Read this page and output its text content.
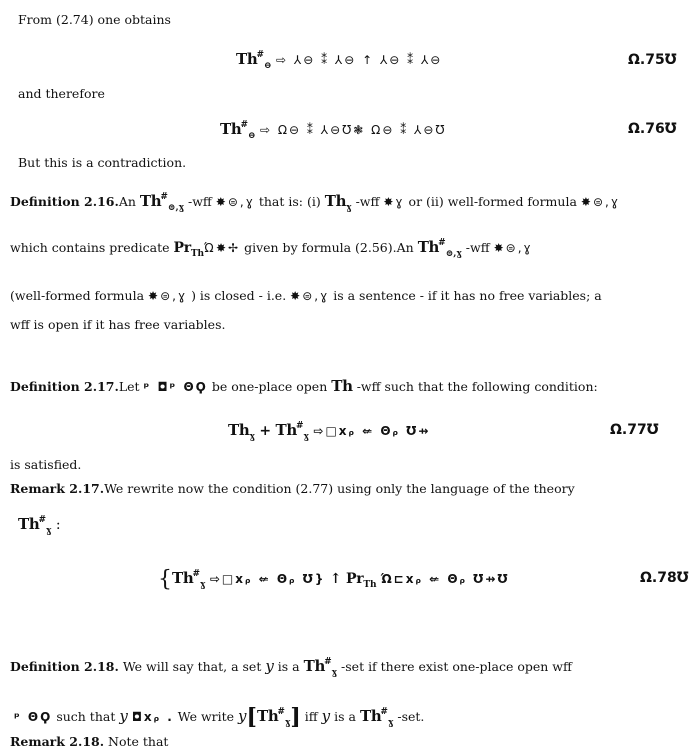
From (2.74) one obtains
$Th^{\#}_⊖$ ⇨ ⅄⊖ ⁑ ⅄⊖ ↑ ⅄⊖ ⁑ ⅄⊖	Ω.75Ʊ
and therefore
$Th^{\#}_⊖$ ⇨ Ω⊖ ⁑ ⅄⊖Ʊ❃ Ω⊖ ⁑ ⅄⊖Ʊ	Ω.76Ʊ
But this is a contradiction.
Definition 2.16.An $Th^{\#}_{⊜,ɣ}$ -wff ✸⊜,ɣ that is: (i) $Th_ɣ$ -wff ✸ɣ or (ii) well-formed formula ✸⊜,ɣ
which contains predicate $Pr_{Th}Ώ✸✢$ given by formula (2.56).An $Th^{\#}_{⊜,ɣ}$ -wff ✸⊜,ɣ
(well-formed formula ✸⊜,ɣ ) is closed - i.e. ✸⊜,ɣ is a sentence - if it has no free variables; a
wff is open if it has free variables.
Definition 2.17.Let ᵖ ◘ᵖ ΘϘ be one-place open Th -wff such that the following condition:
$Th_ɣ + Th^{\#}_ɣ$ ⇨□xᵨ ⇍ Θᵨ Ʊ⇸	Ω.77Ʊ
is satisfied.
Remark 2.17.We rewrite now the condition (2.77) using only the language of the theory
$Th^{\#}_ɣ$ :
{$Th^{\#}_ɣ$ ⇨□xᵨ ⇍ Θᵨ Ʊ} ↑ $Pr_{Th}$ Ώ⊏xᵨ ⇍ Θᵨ Ʊ⇸Ʊ	Ω.78Ʊ
Definition 2.18. We will say that, a set y is a $Th^{\#}_ɣ$ -set if there exist one-place open wff
ᵖ ΘϘ such that y ◘xᵨ . We write $y[Th^{\#}_ɣ]$ iff y is a $Th^{\#}_ɣ$ -set.
Remark 2.18. Note that
